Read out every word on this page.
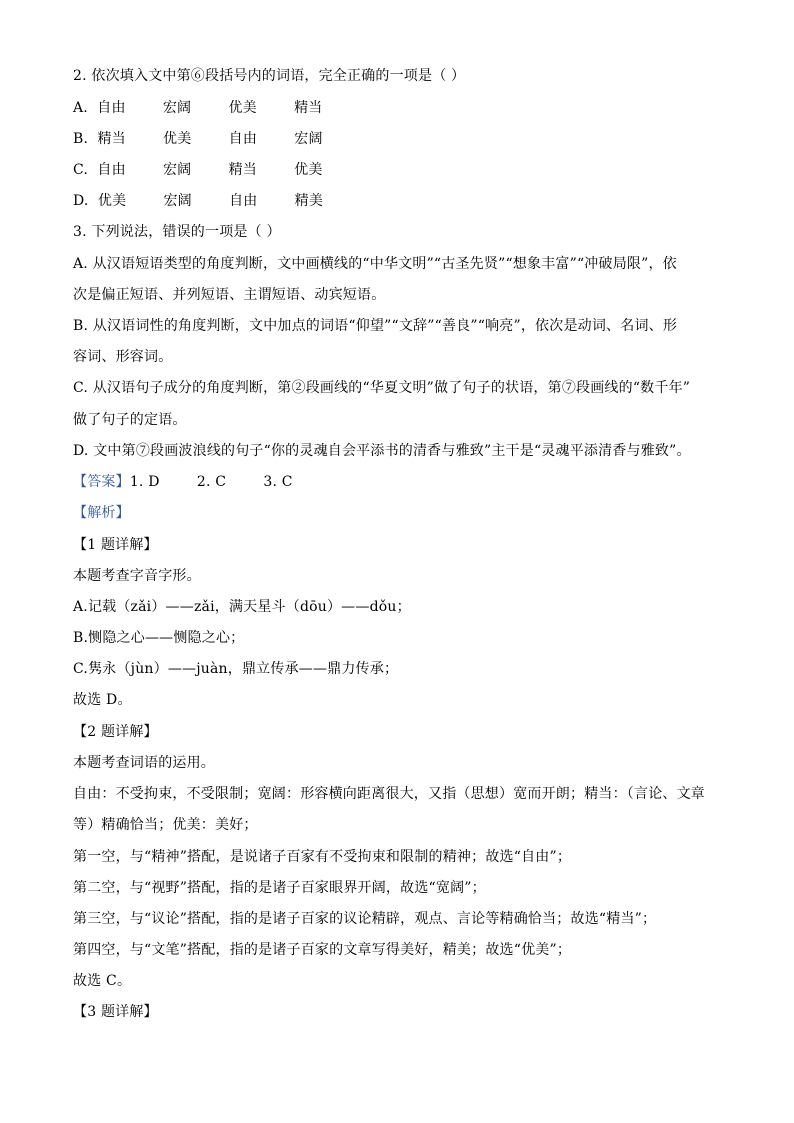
2. 依次填入文中第⑥段括号内的词语，完全正确的一项是（ ）
A.  自由        宏阔        优美        精当
B.  精当        优美        自由        宏阔
C.  自由        宏阔        精当        优美
D.  优美        宏阔        自由        精美
3. 下列说法，错误的一项是（ ）
A. 从汉语短语类型的角度判断，文中画横线的“中华文明”“古圣先贤”“想象丰富”“冲破局限”，依
次是偏正短语、并列短语、主谓短语、动宾短语。
B. 从汉语词性的角度判断，文中加点的词语“仰望”“文辞”“善良”“响亮”，依次是动词、名词、形
容词、形容词。
C. 从汉语句子成分的角度判断，第②段画线的“华夏文明”做了句子的状语，第⑦段画线的“数千年”
做了句子的定语。
D. 文中第⑦段画波浪线的句子“你的灵魂自会平添书的清香与雅致”主干是“灵魂平添清香与雅致”。
【答案】1. D        2. C        3. C
【解析】
【1 题详解】
本题考查字音字形。
A.记载（zǎi）——zǎi，满天星斗（dōu）——dǒu；
B.恻隐之心——恻隐之心；
C.隽永（jùn）——juàn，鼎立传承——鼎力传承；
故选 D。
【2 题详解】
本题考查词语的运用。
自由：不受拘束，不受限制；宽阔：形容横向距离很大，又指（思想）宽而开朗；精当：（言论、文章
等）精确恰当；优美：美好；
第一空，与“精神”搭配，是说诸子百家有不受拘束和限制的精神；故选“自由”；
第二空，与“视野”搭配，指的是诸子百家眼界开阔，故选“宽阔”；
第三空，与“议论”搭配，指的是诸子百家的议论精辟，观点、言论等精确恰当；故选“精当”；
第四空，与“文笔”搭配，指的是诸子百家的文章写得美好，精美；故选“优美”；
故选 C。
【3 题详解】
